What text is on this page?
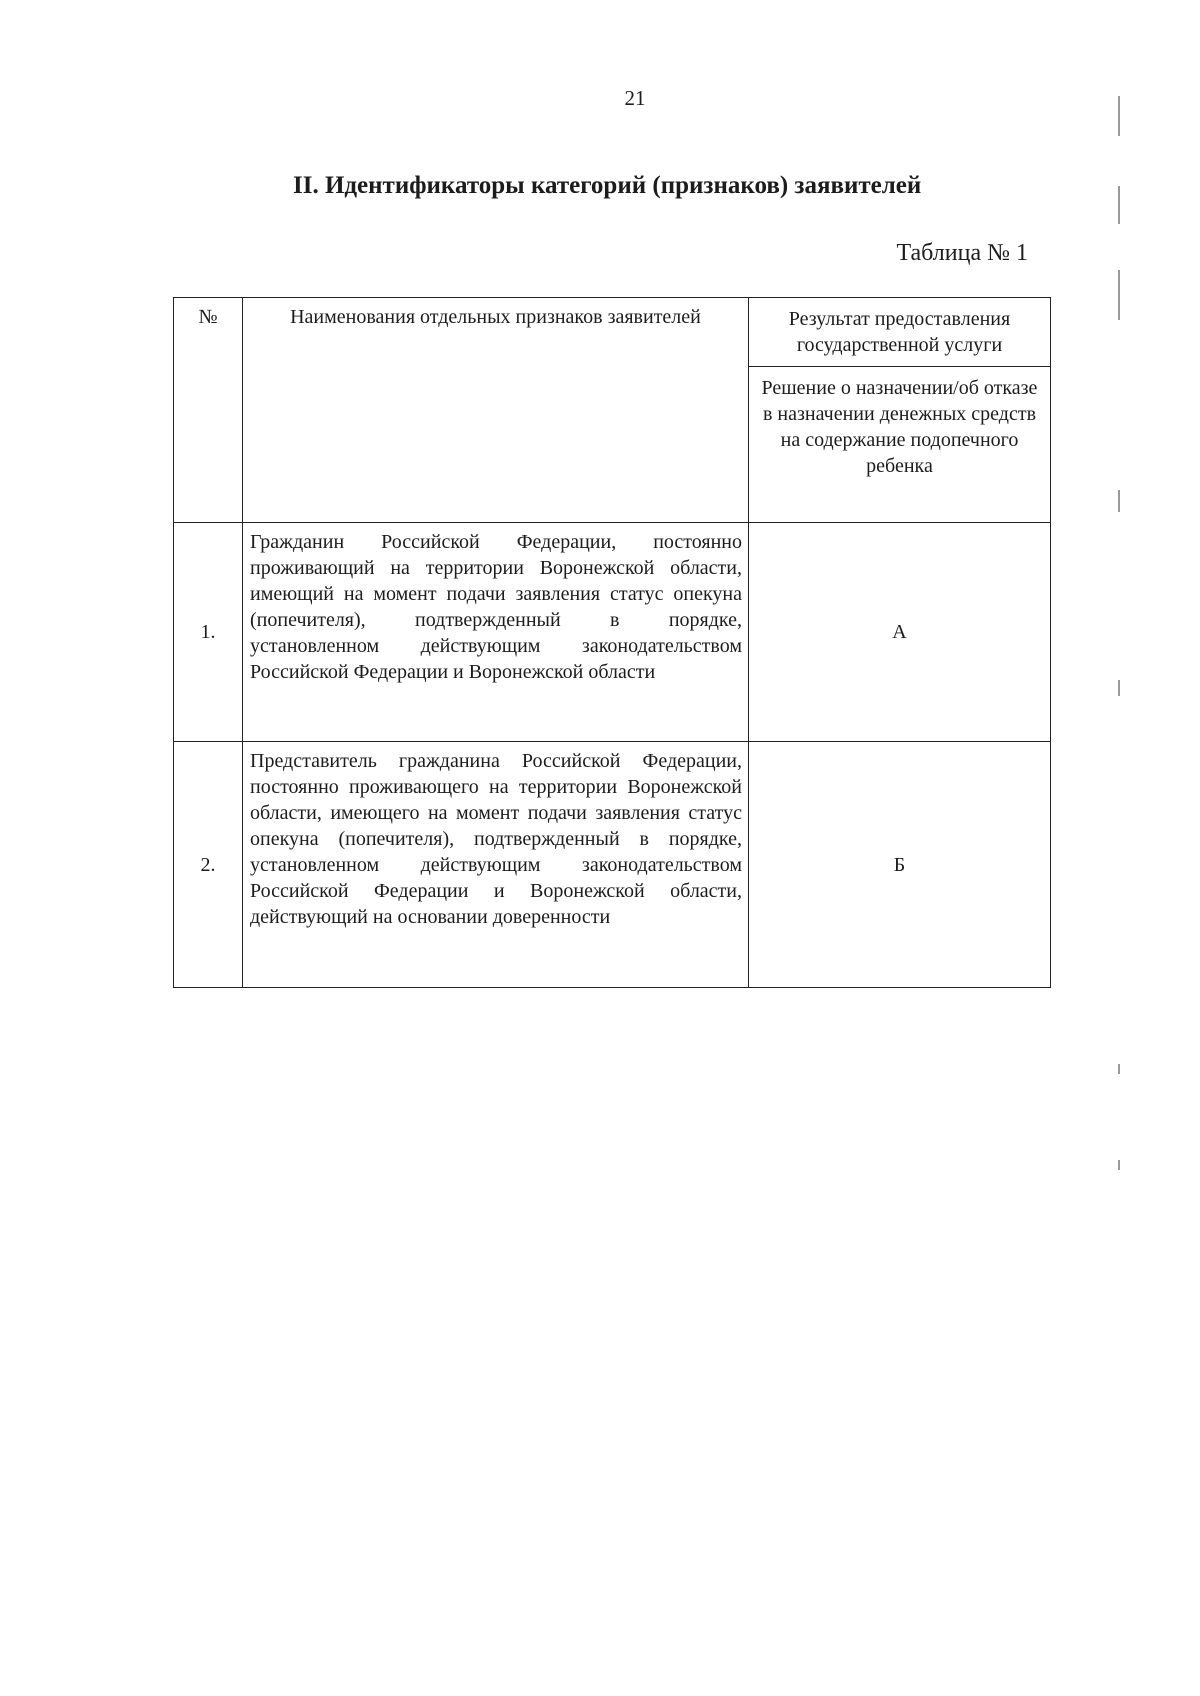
21
II. Идентификаторы категорий (признаков) заявителей
Таблица № 1
№	Наименования отдельных признаков заявителей	Результат предоставления государственной услуги
		Решение о назначении/об отказе в назначении денежных средств на содержание подопечного ребенка
1.	Гражданин Российской Федерации, постоянно проживающий на территории Воронежской области, имеющий на момент подачи заявления статус опекуна (попечителя), подтвержденный в порядке, установленном действующим законодательством Российской Федерации и Воронежской области	А
2.	Представитель гражданина Российской Федерации, постоянно проживающего на территории Воронежской области, имеющего на момент подачи заявления статус опекуна (попечителя), подтвержденный в порядке, установленном действующим законодательством Российской Федерации и Воронежской области, действующий на основании доверенности	Б
